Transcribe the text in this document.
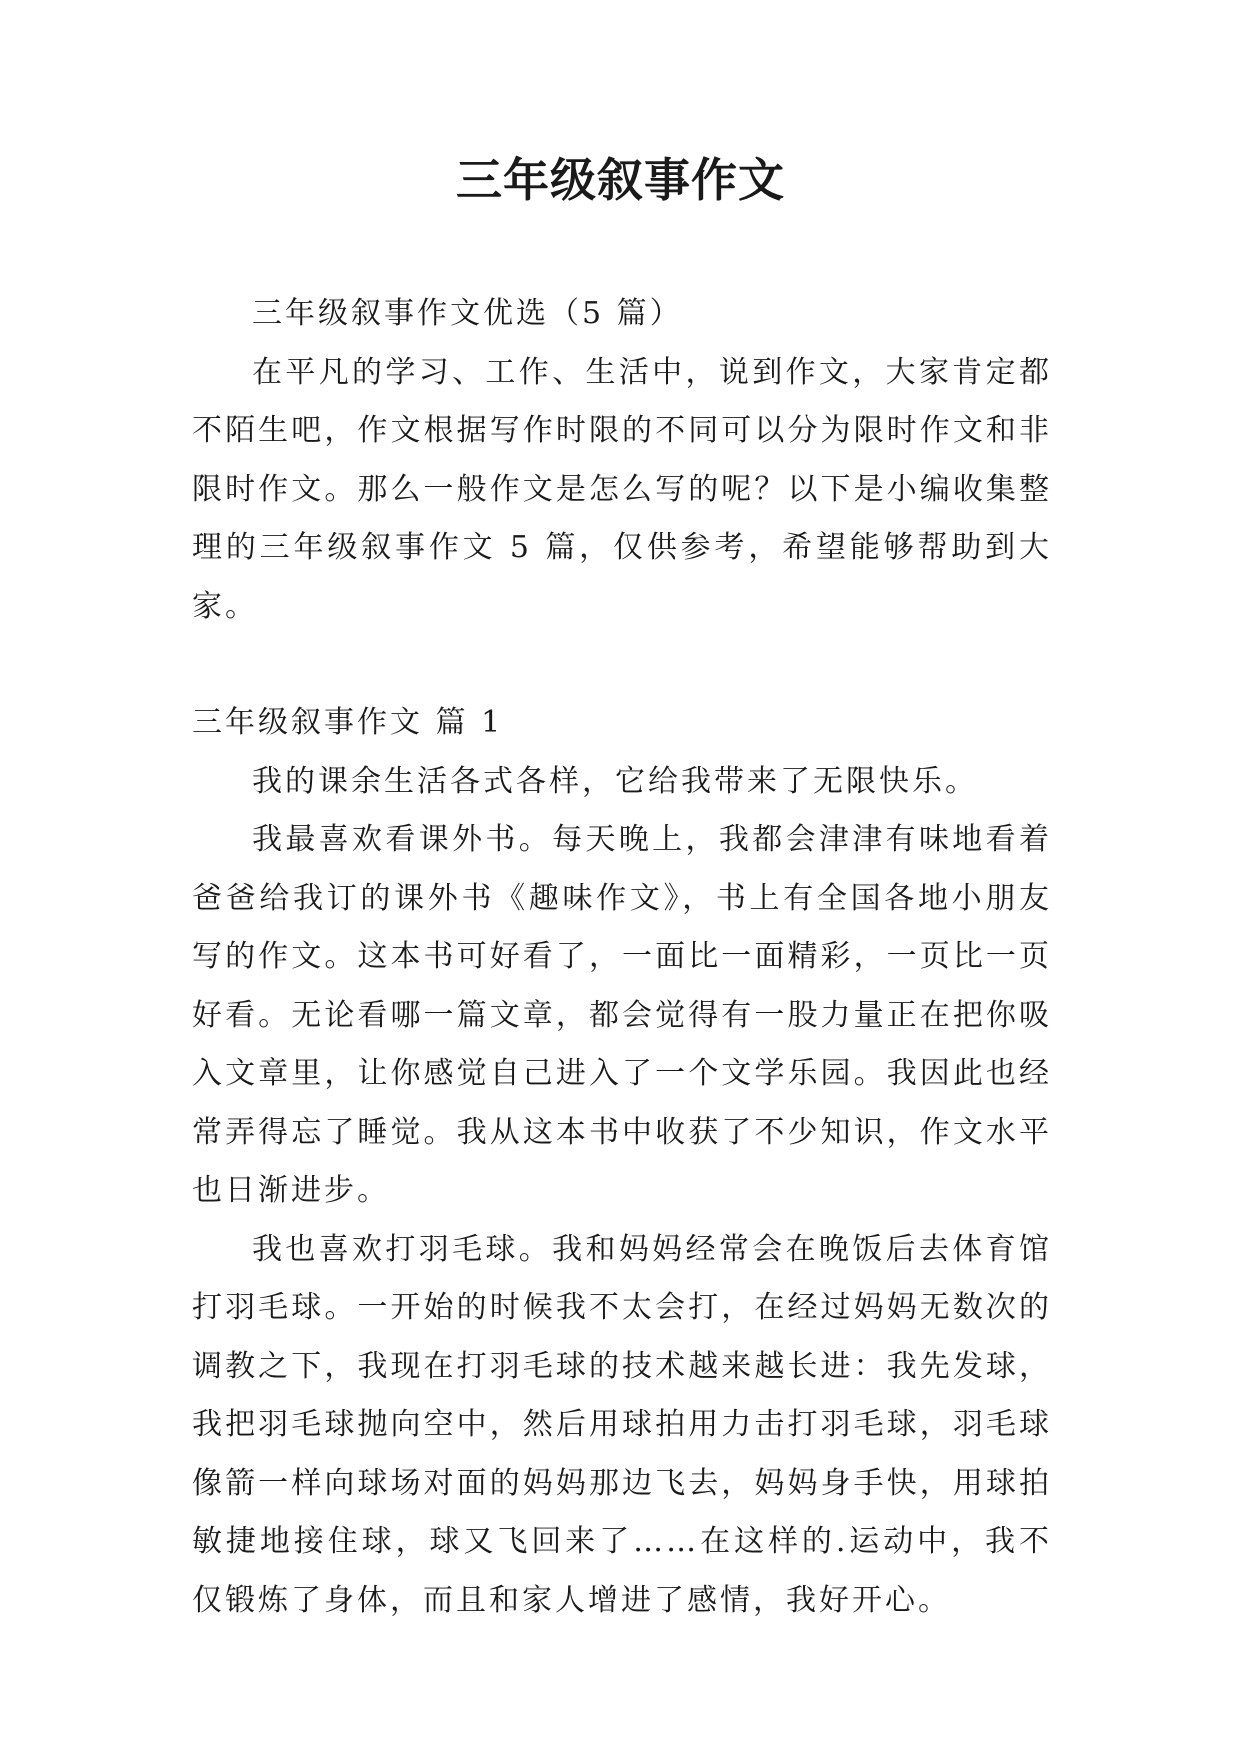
三年级叙事作文

三年级叙事作文优选（5 篇）

在平凡的学习、工作、生活中，说到作文，大家肯定都不陌生吧，作文根据写作时限的不同可以分为限时作文和非限时作文。那么一般作文是怎么写的呢？以下是小编收集整理的三年级叙事作文 5 篇，仅供参考，希望能够帮助到大家。

三年级叙事作文 篇 1

我的课余生活各式各样，它给我带来了无限快乐。

我最喜欢看课外书。每天晚上，我都会津津有味地看着爸爸给我订的课外书《趣味作文》，书上有全国各地小朋友写的作文。这本书可好看了，一面比一面精彩，一页比一页好看。无论看哪一篇文章，都会觉得有一股力量正在把你吸入文章里，让你感觉自己进入了一个文学乐园。我因此也经常弄得忘了睡觉。我从这本书中收获了不少知识，作文水平也日渐进步。

我也喜欢打羽毛球。我和妈妈经常会在晚饭后去体育馆打羽毛球。一开始的时候我不太会打，在经过妈妈无数次的调教之下，我现在打羽毛球的技术越来越长进：我先发球，我把羽毛球抛向空中，然后用球拍用力击打羽毛球，羽毛球像箭一样向球场对面的妈妈那边飞去，妈妈身手快，用球拍敏捷地接住球，球又飞回来了……在这样的.运动中，我不仅锻炼了身体，而且和家人增进了感情，我好开心。
